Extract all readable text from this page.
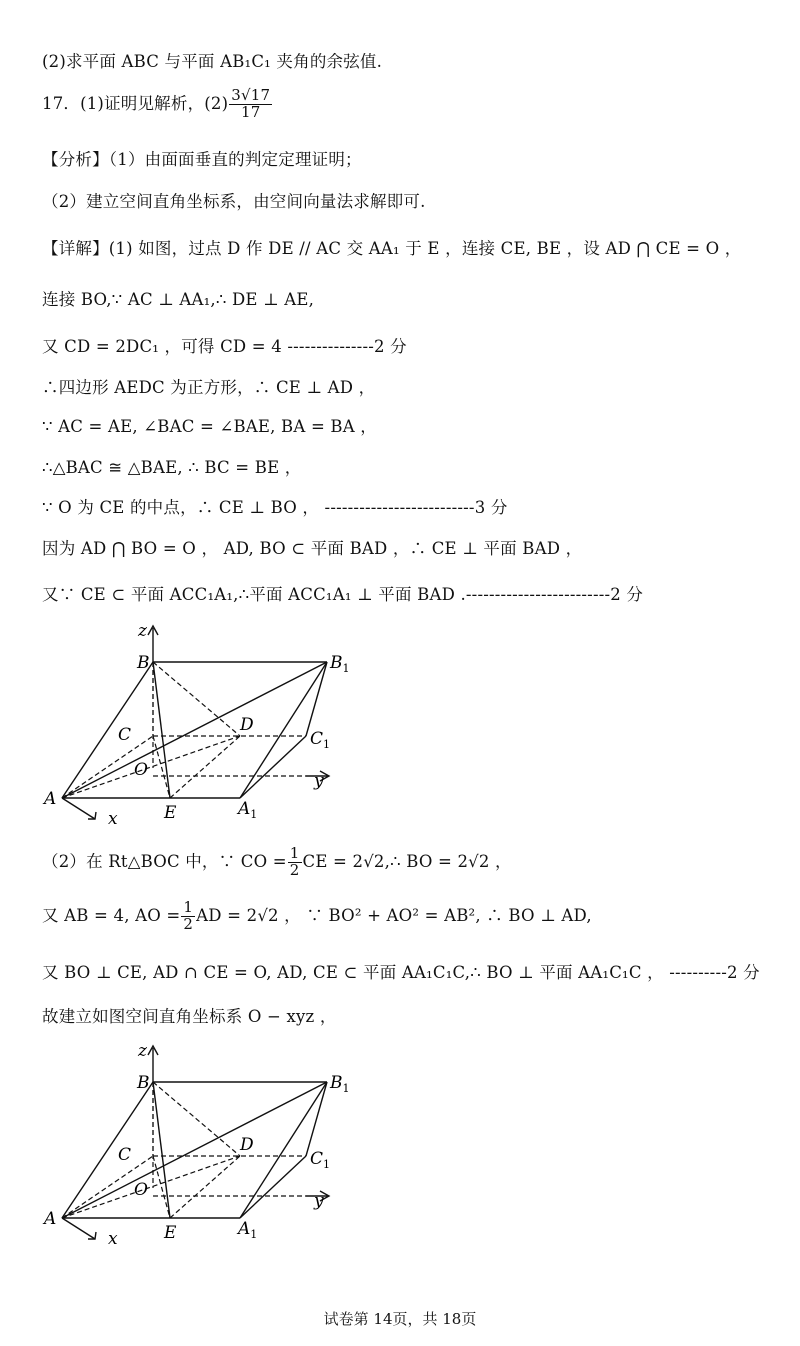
(2)求平面 ABC 与平面 AB₁C₁ 夹角的余弦值.
17．(1)证明见解析，$(2) \frac{3√17}{17}$
【分析】（1）由面面垂直的判定定理证明；
（2）建立空间直角坐标系，由空间向量法求解即可.
【详解】(1) 如图，过点 D 作 DE // AC 交 AA₁ 于 E ，连接 CE, BE ，设 AD ⋂ CE = O ，
连接 BO,∵ AC ⊥ AA₁,∴ DE ⊥ AE,
又 CD = 2DC₁ ，可得 CD = 4 ---------------2 分
∴四边形 AEDC 为正方形，∴ CE ⊥ AD ，
∵ AC = AE, ∠BAC = ∠BAE, BA = BA ，
∴△BAC ≅ △BAE, ∴ BC = BE ，
∵ O 为 CE 的中点，∴ CE ⊥ BO ， --------------------------3 分
因为 AD ⋂ BO = O ， AD, BO ⊂ 平面 BAD ，∴ CE ⊥ 平面 BAD ，
又∵ CE ⊂ 平面 ACC₁A₁,∴平面 ACC₁A₁ ⊥ 平面 BAD .-------------------------2 分
z
B	$B_1$
C	D
$C_1$
O
y
A
E	$A_1$
x
（2）在 Rt△BOC 中，∵ CO = $\frac{1}{2}$ CE = 2√2,∴ BO = 2√2 ，
又 AB = 4, AO = $\frac{1}{2}$ AD = 2√2 ， ∵ BO² + AO² = AB², ∴ BO ⊥ AD,
又 BO ⊥ CE, AD ∩ CE = O, AD, CE ⊂ 平面 AA₁C₁C,∴ BO ⊥ 平面 AA₁C₁C ， ----------2 分
故建立如图空间直角坐标系 O − xyz ，
z
B	$B_1$
C	D
$C_1$
O
y
A
E	$A_1$
x
试卷第 14页，共 18页
